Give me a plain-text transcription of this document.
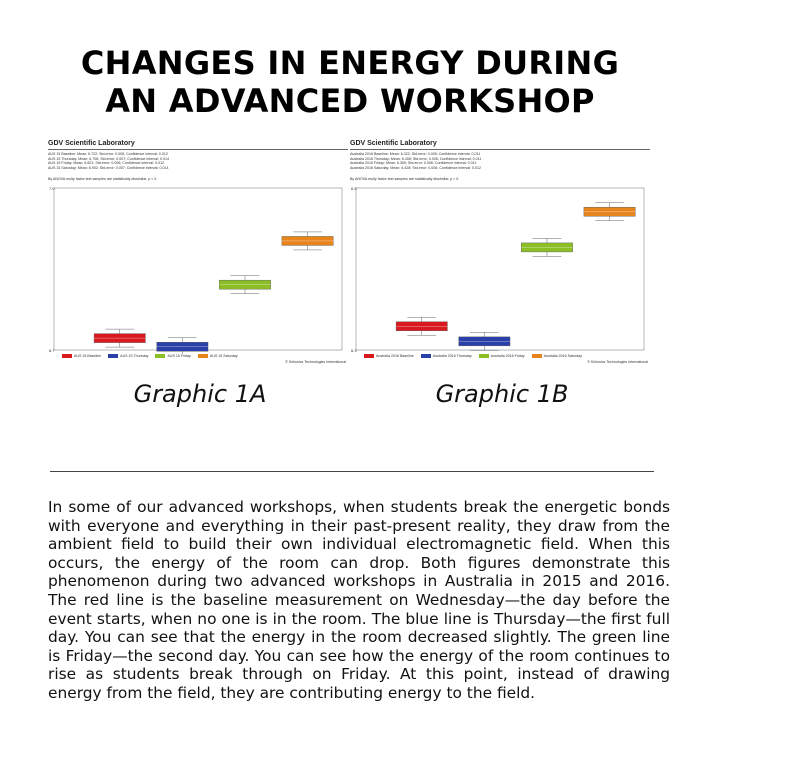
CHANGES IN ENERGY DURING
AN ADVANCED WORKSHOP
GDV Scientific Laboratory
AUS 15 Baseline: Mean: 6.722; Std.error: 0.008; Confidence interval: 0.012
AUS 15 Thursday: Mean: 6.706; Std.error: 0.007; Confidence interval: 0.014
AUS 15 Friday: Mean: 6.821; Std.error: 0.006; Confidence interval: 0.012
AUS 15 Saturday: Mean: 6.902; Std.error: 0.007; Confidence interval: 0.014
By ANOVA multy factor test samples are statistically dissimilar, p < 0.
7.0
6.7
AUS 15 Baseline	AUS 15 Thursday	AUS 15 Friday	AUS 15 Saturday
© Kirlionics Technologies International
GDV Scientific Laboratory
Australia 2016 Baseline: Mean: 6.322; Std.error: 0.005; Confidence interval: 0.011
Australia 2016 Thursday: Mean: 6.308; Std.error: 0.006; Confidence interval: 0.011
Australia 2016 Friday: Mean: 6.395; Std.error: 0.006; Confidence interval: 0.011
Australia 2016 Saturday: Mean: 6.428; Std.error: 0.006; Confidence interval: 0.012
By ANOVA multy factor test samples are statistically dissimilar, p < 0.
6.5
6.3
Australia 2016 Baseline	Australia 2016 Thursday	Australia 2016 Friday	Australia 2016 Saturday
© Kirlionics Technologies International
Graphic 1A	Graphic 1B
In some of our advanced workshops, when students break the energetic bonds with everyone and everything in their past-present reality, they draw from the ambient field to build their own individual electromagnetic field. When this occurs, the energy of the room can drop. Both figures demonstrate this phenomenon during two advanced workshops in Australia in 2015 and 2016. The red line is the baseline measurement on Wednesday—the day before the event starts, when no one is in the room. The blue line is Thursday—the first full day. You can see that the energy in the room decreased slightly. The green line is Friday—the second day. You can see how the energy of the room continues to rise as students break through on Friday. At this point, instead of drawing energy from the field, they are contributing energy to the field.
